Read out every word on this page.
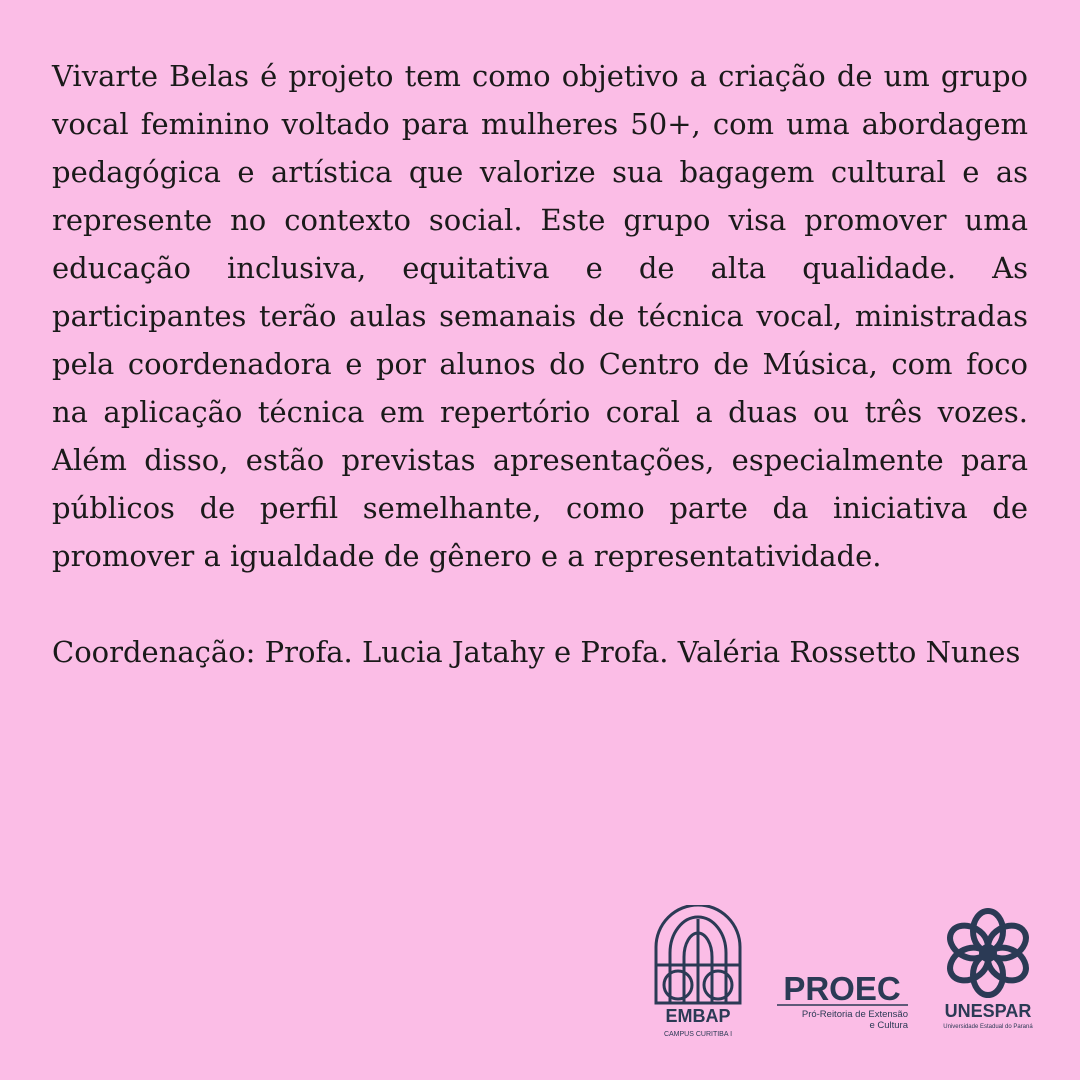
Vivarte Belas é projeto tem como objetivo a criação de um grupo vocal feminino voltado para mulheres 50+, com uma abordagem pedagógica e artística que valorize sua bagagem cultural e as represente no contexto social. Este grupo visa promover uma educação inclusiva, equitativa e de alta qualidade. As participantes terão aulas semanais de técnica vocal, ministradas pela coordenadora e por alunos do Centro de Música, com foco na aplicação técnica em repertório coral a duas ou três vozes. Além disso, estão previstas apresentações, especialmente para públicos de perfil semelhante, como parte da iniciativa de promover a igualdade de gênero e a representatividade.

Coordenação: Profa. Lucia Jatahy e Profa. Valéria Rossetto Nunes

EMBAP
CAMPUS CURITIBA I
PROEC
Pró-Reitoria de Extensão
e Cultura
UNESPAR
Universidade Estadual do Paraná
